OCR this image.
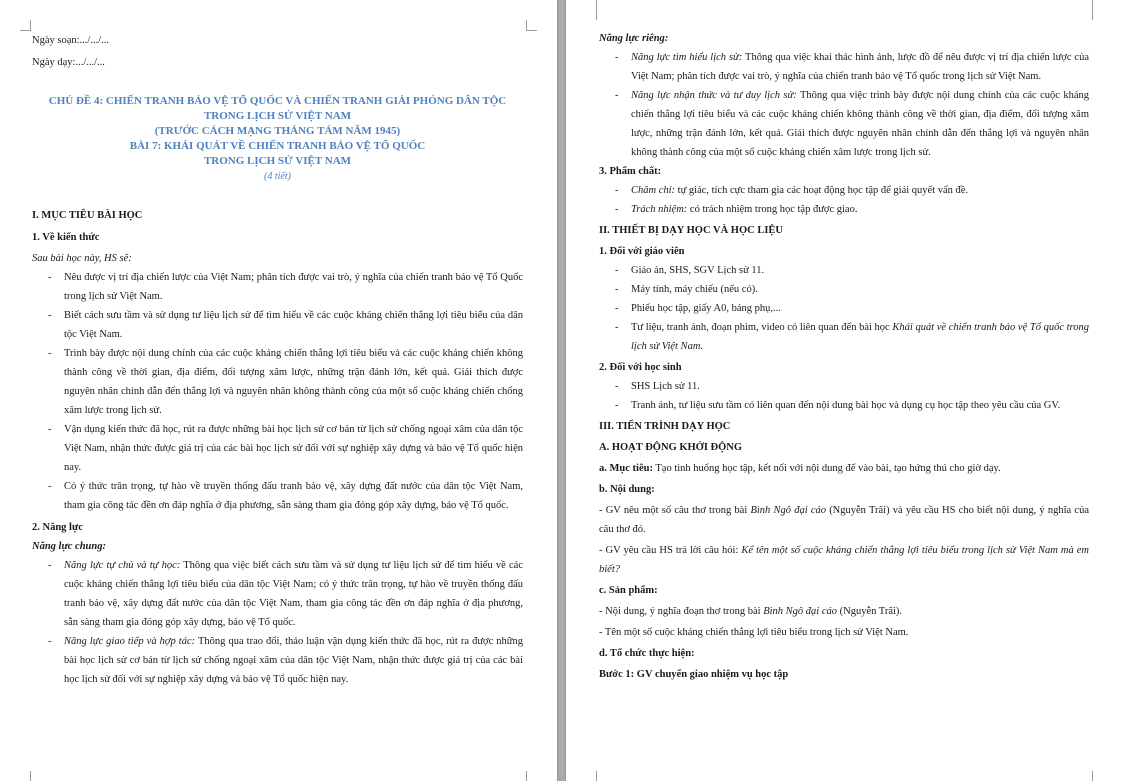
Ngày soạn:.../.../...

Ngày dạy:.../.../...

CHỦ ĐỀ 4: CHIẾN TRANH BẢO VỆ TỔ QUỐC VÀ CHIẾN TRANH GIẢI PHÓNG DÂN TỘC
TRONG LỊCH SỬ VIỆT NAM
(TRƯỚC CÁCH MẠNG THÁNG TÁM NĂM 1945)
BÀI 7: KHÁI QUÁT VỀ CHIẾN TRANH BẢO VỆ TỔ QUỐC
TRONG LỊCH SỬ VIỆT NAM
(4 tiết)

I. MỤC TIÊU BÀI HỌC

1. Về kiến thức

Sau bài học này, HS sẽ:

- Nêu được vị trí địa chiến lược của Việt Nam; phân tích được vai trò, ý nghĩa của chiến tranh bảo vệ Tổ Quốc trong lịch sử Việt Nam.
- Biết cách sưu tầm và sử dụng tư liệu lịch sử để tìm hiểu về các cuộc kháng chiến thắng lợi tiêu biểu của dân tộc Việt Nam.
- Trình bày được nội dung chính của các cuộc kháng chiến thắng lợi tiêu biểu và các cuộc kháng chiến không thành công về thời gian, địa điểm, đối tượng xâm lược, những trận đánh lớn, kết quả. Giải thích được nguyên nhân chính dẫn đến thắng lợi và nguyên nhân không thành công của một số cuộc kháng chiến chống xâm lược trong lịch sử.
- Vận dụng kiến thức đã học, rút ra được những bài học lịch sử cơ bản từ lịch sử chống ngoại xâm của dân tộc Việt Nam, nhận thức được giá trị của các bài học lịch sử đối với sự nghiệp xây dựng và bảo vệ Tổ quốc hiện nay.
- Có ý thức trân trọng, tự hào về truyền thống đấu tranh bảo vệ, xây dựng đất nước của dân tộc Việt Nam, tham gia công tác đền ơn đáp nghĩa ở địa phương, sẵn sàng tham gia đóng góp xây dựng, bảo vệ Tổ quốc.

2. Năng lực

Năng lực chung:

- Năng lực tự chủ và tự học: Thông qua việc biết cách sưu tầm và sử dụng tư liệu lịch sử để tìm hiểu về các cuộc kháng chiến thắng lợi tiêu biểu của dân tộc Việt Nam; có ý thức trân trọng, tự hào về truyền thống đấu tranh bảo vệ, xây dựng đất nước của dân tộc Việt Nam, tham gia công tác đền ơn đáp nghĩa ở địa phương, sẵn sàng tham gia đóng góp xây dựng, bảo vệ Tổ quốc.
- Năng lực giao tiếp và hợp tác: Thông qua trao đổi, thảo luận vận dụng kiến thức đã học, rút ra được những bài học lịch sử cơ bản từ lịch sử chống ngoại xâm của dân tộc Việt Nam, nhận thức được giá trị của các bài học lịch sử đối với sự nghiệp xây dựng và bảo vệ Tổ quốc hiện nay.

Năng lực riêng:

- Năng lực tìm hiểu lịch sử: Thông qua việc khai thác hình ảnh, lược đồ để nêu được vị trí địa chiến lược của Việt Nam; phân tích được vai trò, ý nghĩa của chiến tranh bảo vệ Tổ quốc trong lịch sử Việt Nam.
- Năng lực nhận thức và tư duy lịch sử: Thông qua việc trình bày được nội dung chính của các cuộc kháng chiến thắng lợi tiêu biểu và các cuộc kháng chiến không thành công về thời gian, địa điểm, đối tượng xâm lược, những trận đánh lớn, kết quả. Giải thích được nguyên nhân chính dẫn đến thắng lợi và nguyên nhân không thành công của một số cuộc kháng chiến xâm lược trong lịch sử.

3. Phẩm chất:

- Chăm chỉ: tự giác, tích cực tham gia các hoạt động học tập để giải quyết vấn đề.
- Trách nhiệm: có trách nhiệm trong học tập được giao.

II. THIẾT BỊ DẠY HỌC VÀ HỌC LIỆU

1. Đối với giáo viên

- Giáo án, SHS, SGV Lịch sử 11.
- Máy tính, máy chiếu (nếu có).
- Phiếu học tập, giấy A0, bảng phụ,...
- Tư liệu, tranh ảnh, đoạn phim, video có liên quan đến bài học Khái quát về chiến tranh bảo vệ Tổ quốc trong lịch sử Việt Nam.

2. Đối với học sinh

- SHS Lịch sử 11.
- Tranh ảnh, tư liệu sưu tầm có liên quan đến nội dung bài học và dụng cụ học tập theo yêu cầu của GV.

III. TIẾN TRÌNH DẠY HỌC

A. HOẠT ĐỘNG KHỞI ĐỘNG

a. Mục tiêu: Tạo tình huống học tập, kết nối với nội dung để vào bài, tạo hứng thú cho giờ dạy.

b. Nội dung:

- GV nêu một số câu thơ trong bài Bình Ngô đại cáo (Nguyễn Trãi) và yêu cầu HS cho biết nội dung, ý nghĩa của câu thơ đó.

- GV yêu cầu HS trả lời câu hỏi: Kể tên một số cuộc kháng chiến thắng lợi tiêu biểu trong lịch sử Việt Nam mà em biết?

c. Sản phẩm:

- Nội dung, ý nghĩa đoạn thơ trong bài Bình Ngô đại cáo (Nguyễn Trãi).

- Tên một số cuộc kháng chiến thắng lợi tiêu biểu trong lịch sử Việt Nam.

d. Tổ chức thực hiện:

Bước 1: GV chuyển giao nhiệm vụ học tập
